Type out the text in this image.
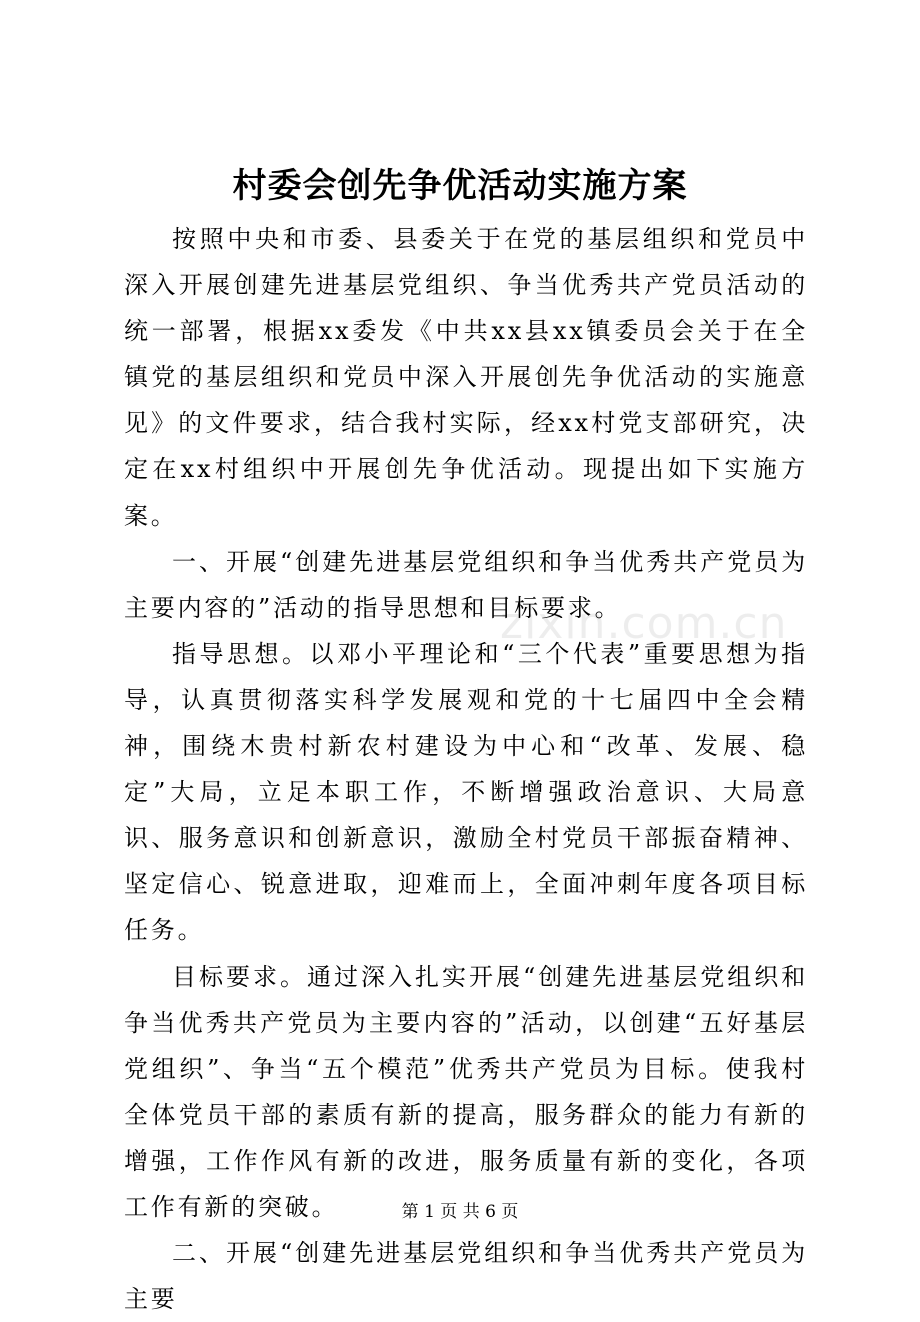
村委会创先争优活动实施方案

按照中央和市委、县委关于在党的基层组织和党员中深入开展创建先进基层党组织、争当优秀共产党员活动的统一部署，根据xx委发《中共xx县xx镇委员会关于在全镇党的基层组织和党员中深入开展创先争优活动的实施意见》的文件要求，结合我村实际，经xx村党支部研究，决定在xx村组织中开展创先争优活动。现提出如下实施方案。

一、开展“创建先进基层党组织和争当优秀共产党员为主要内容的”活动的指导思想和目标要求。

指导思想。以邓小平理论和“三个代表”重要思想为指导，认真贯彻落实科学发展观和党的十七届四中全会精神，围绕木贵村新农村建设为中心和“改革、发展、稳定”大局，立足本职工作，不断增强政治意识、大局意识、服务意识和创新意识，激励全村党员干部振奋精神、坚定信心、锐意进取，迎难而上，全面冲刺年度各项目标任务。

目标要求。通过深入扎实开展“创建先进基层党组织和争当优秀共产党员为主要内容的”活动，以创建“五好基层党组织”、争当“五个模范”优秀共产党员为目标。使我村全体党员干部的素质有新的提高，服务群众的能力有新的增强，工作作风有新的改进，服务质量有新的变化，各项工作有新的突破。

二、开展“创建先进基层党组织和争当优秀共产党员为主要

zixin.com.cn
第 1 页 共 6 页
